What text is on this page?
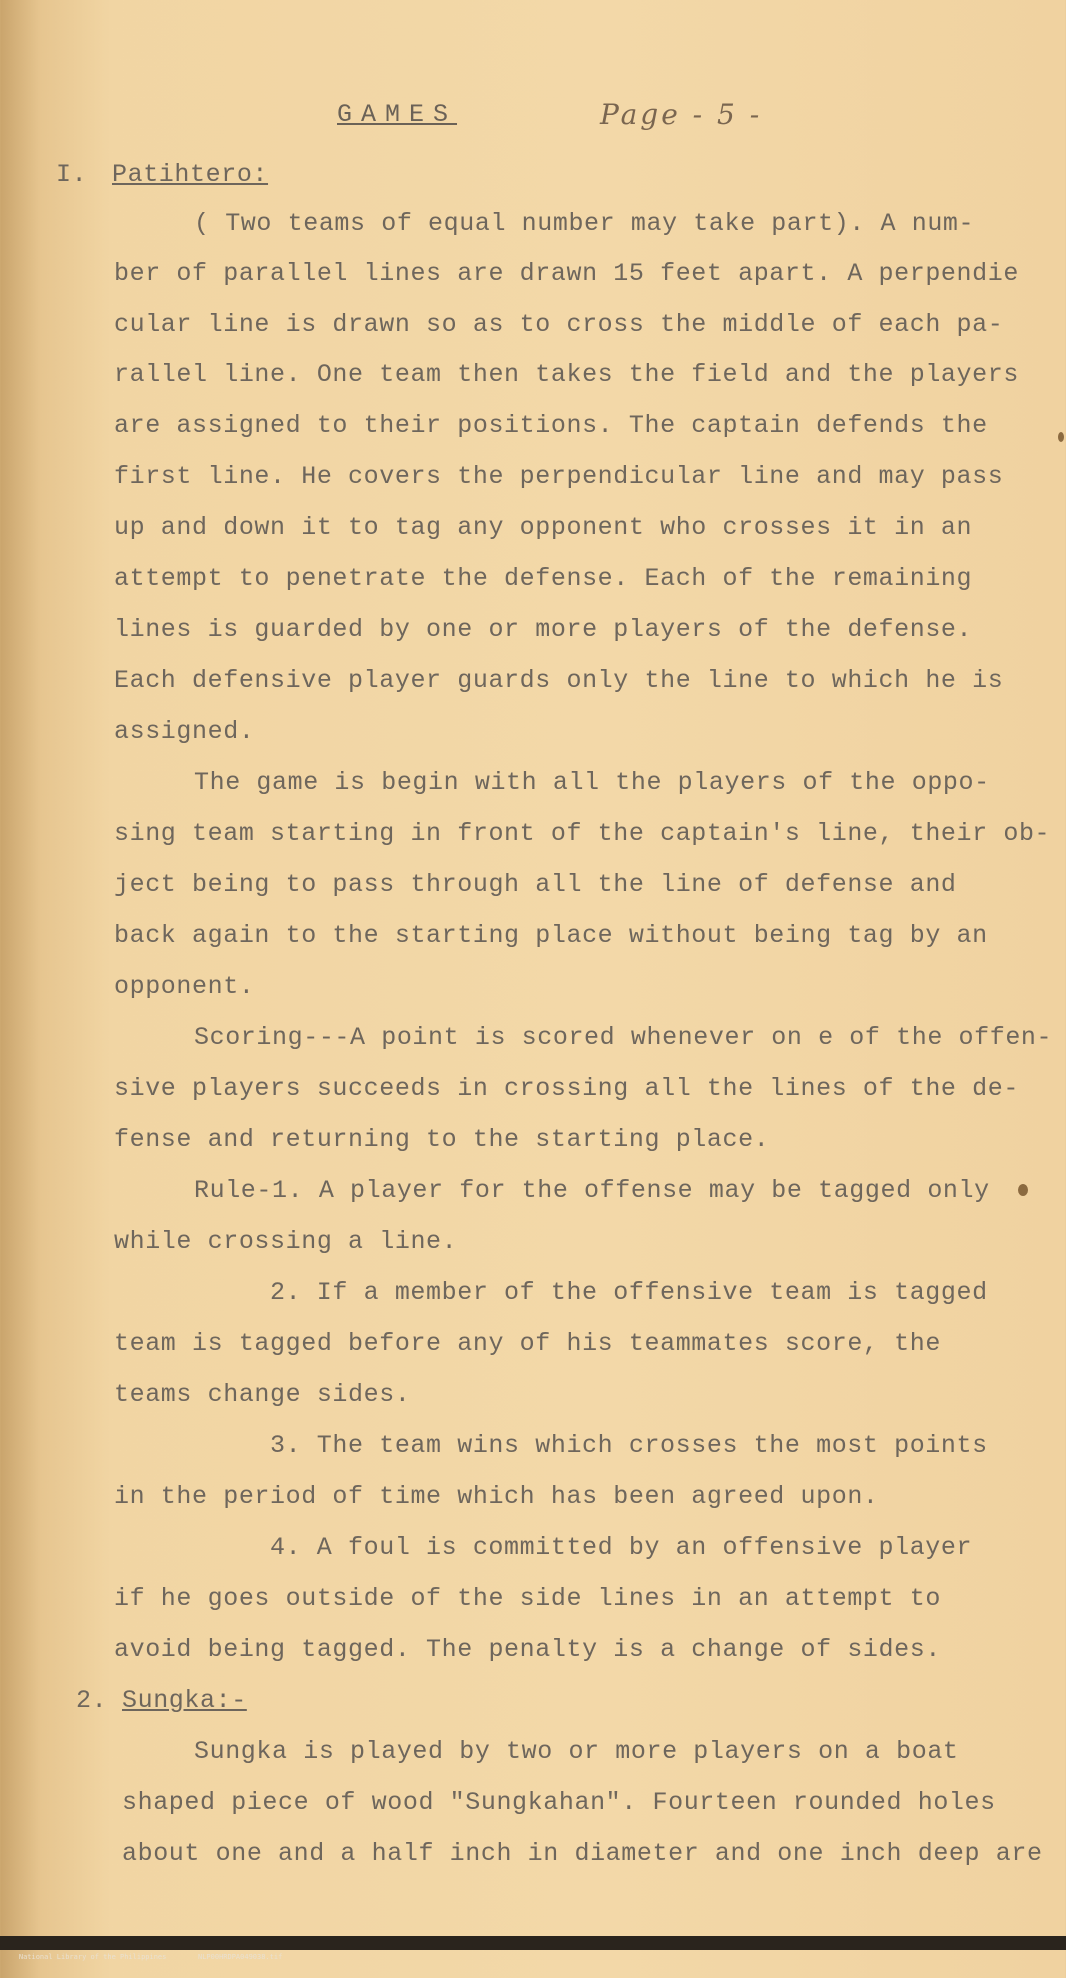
GAMES	Page - 5 -
I. Patihtero:
( Two teams of equal number may take part). A num-
ber of parallel lines are drawn 15 feet apart. A perpendie
cular line is drawn so as to cross the middle of each pa-
rallel line. One team then takes the field and the players
are assigned to their positions. The captain defends the
first line. He covers the perpendicular line and may pass
up and down it to tag any opponent who crosses it in an
attempt to penetrate the defense. Each of the remaining
lines is guarded by one or more players of the defense.
Each defensive player guards only the line to which he is
assigned.
The game is begin with all the players of the oppo-
sing team starting in front of the captain's line, their ob-
ject being to pass through all the line of defense and
back again to the starting place without being tag by an
opponent.
Scoring---A point is scored whenever on e of the offen-
sive players succeeds in crossing all the lines of the de-
fense and returning to the starting place.
Rule-1. A player for the offense may be tagged only
while crossing a line.
2. If a member of the offensive team is tagged
team is tagged before any of his teammates score, the
teams change sides.
3. The team wins which crosses the most points
in the period of time which has been agreed upon.
4. A foul is committed by an offensive player
if he goes outside of the side lines in an attempt to
avoid being tagged. The penalty is a change of sides.
2. Sungka:-
Sungka is played by two or more players on a boat
shaped piece of wood "Sungkahan". Fourteen rounded holes
about one and a half inch in diameter and one inch deep are

National Library of the Philippines	NLP00HRDPA049038.tif
